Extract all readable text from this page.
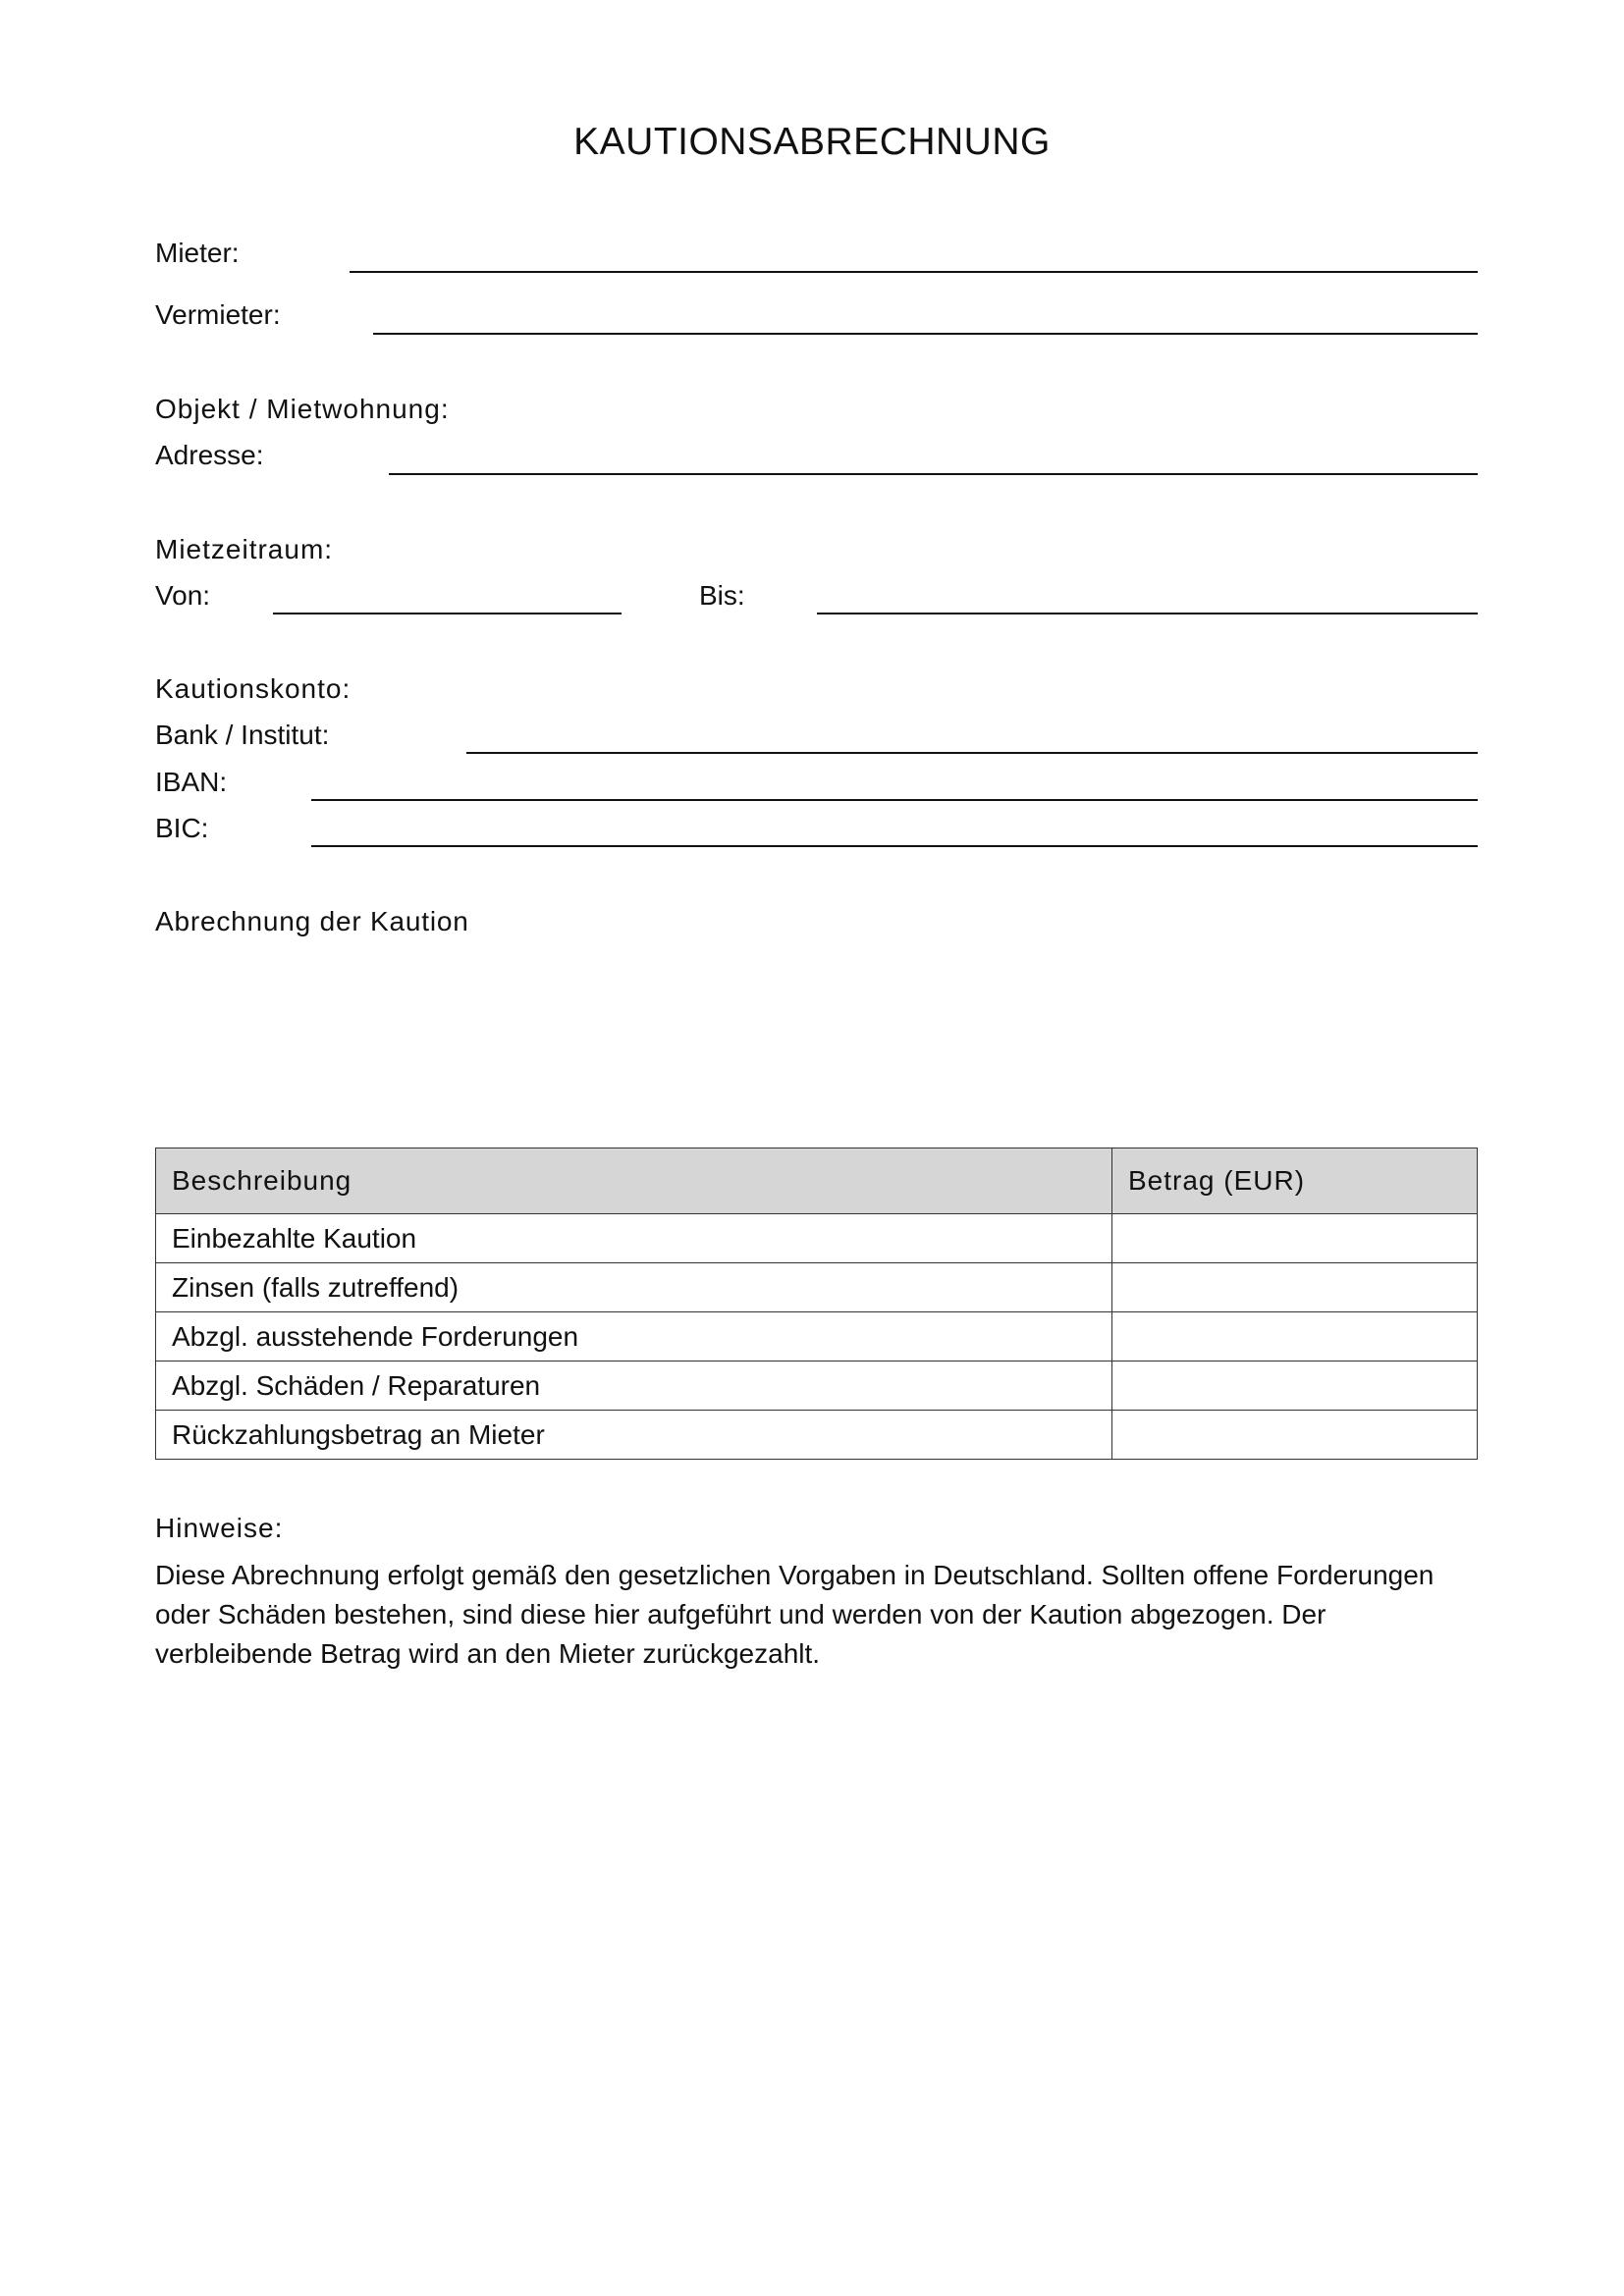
KAUTIONSABRECHNUNG
Mieter:
Vermieter:
Objekt / Mietwohnung:
Adresse:
Mietzeitraum:
Von:	Bis:
Kautionskonto:
Bank / Institut:
IBAN:
BIC:
Abrechnung der Kaution
Beschreibung	Betrag (EUR)
Einbezahlte Kaution	
Zinsen (falls zutreffend)	
Abzgl. ausstehende Forderungen	
Abzgl. Schäden / Reparaturen	
Rückzahlungsbetrag an Mieter	
Hinweise:
Diese Abrechnung erfolgt gemäß den gesetzlichen Vorgaben in Deutschland. Sollten offene Forderungen oder Schäden bestehen, sind diese hier aufgeführt und werden von der Kaution abgezogen. Der verbleibende Betrag wird an den Mieter zurückgezahlt.
